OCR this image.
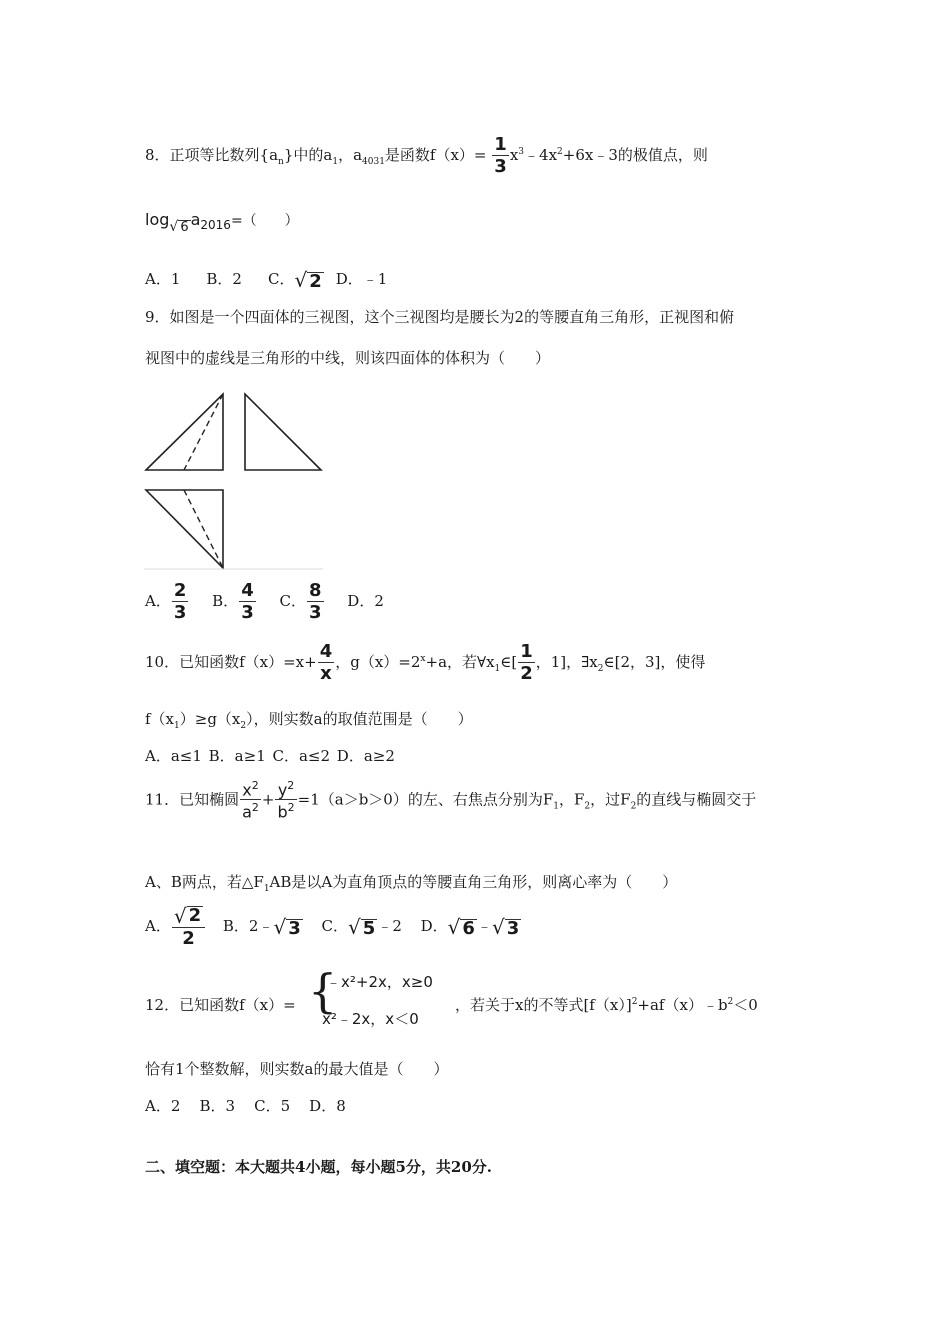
8．正项等比数列$\{a_n\}$中的$a_1$，$a_{4031}$是函数$f(x)= \frac{1}{3}$ $x^3﹣4x^2+6x﹣3$的极值点，则
log √ 6 $a_{2016}=$（　　）
A．1 B．2 C． √ 2 D．﹣1
9．如图是一个四面体的三视图，这个三视图均是腰长为2的等腰直角三角形，正视图和俯
视图中的虚线是三角形的中线，则该四面体的体积为（　　）
A． $\frac{2}{3}$ B． $\frac{4}{3}$ C． $\frac{8}{3}$ D．2
10．已知函数$f(x)=x+ \frac{4}{x}$ ，$g(x)=2^x+a$，若$\forall x_1\in[ \frac{1}{2}$ ，1]，$\exists x_2\in[2$，3]，使得
$f(x_1)\ge g(x_2)$，则实数a的取值范围是（　　）
A．a≤1 B．a≥1 C．a≤2 D．a≥2
11．已知椭圆 $\frac{x^2}{a^2} + \frac{y^2}{b^2} =1(a>b>0)$的左、右焦点分别为$F_1$，$F_2$，过$F_2$的直线与椭圆交于
A、B两点，若$\triangle F_1AB$是以A为直角顶点的等腰直角三角形，则离心率为（　　）
A． $\frac{√ 2}{2}$ B．2﹣ √ 3 C． √ 5 ﹣2 D． √ 6 ﹣ √ 3
12．已知函数f（x）= {
﹣x²+2x，x≥0
x²﹣2x，x＜0
，若关于x的不等式$[f(x)]^2+af(x)﹣b^2<0$
恰有1个整数解，则实数a的最大值是（　　）
A．2    B．3    C．5    D．8
二、填空题：本大题共4小题，每小题5分，共20分.
